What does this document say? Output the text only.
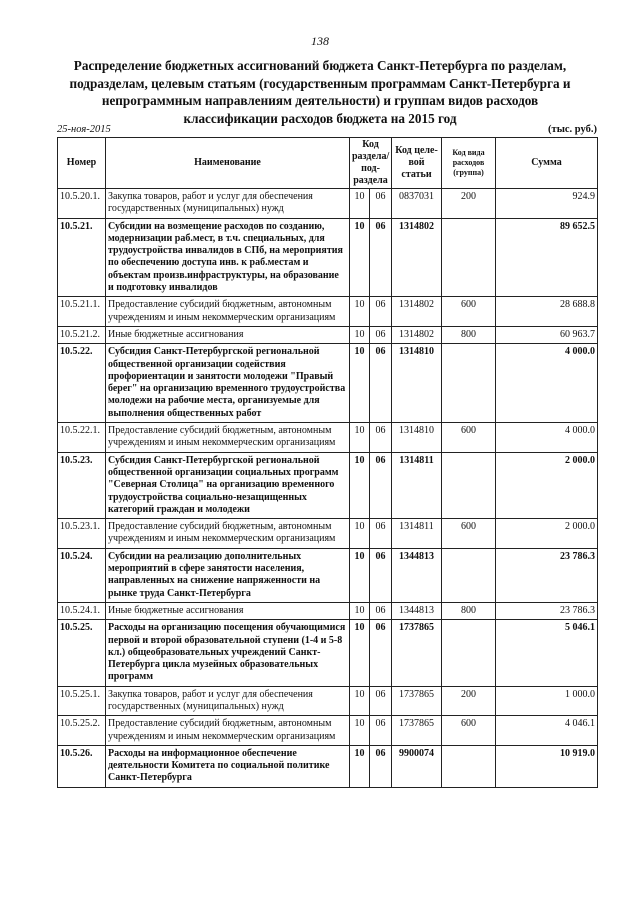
138
Распределение бюджетных ассигнований бюджета Санкт-Петербурга по разделам, подразделам, целевым статьям (государственным программам Санкт-Петербурга и непрограммным направлениям деятельности) и группам видов расходов классификации расходов бюджета на 2015 год
25-ноя-2015	(тыс. руб.)
Номер	Наименование	Код раздела/ под- раздела		Код целе- вой статьи	Код вида расходов (группа)	Сумма
10.5.20.1.	Закупка товаров, работ и услуг для обеспечения государственных (муниципальных) нужд	10	06	0837031	200	924.9
10.5.21.	Субсидии на возмещение расходов по созданию, модернизации раб.мест, в т.ч. специальных, для трудоустройства инвалидов в СПб, на мероприятия по обеспечению доступа инв. к раб.местам и объектам произв.инфраструктуры, на образование и подготовку инвалидов	10	06	1314802		89 652.5
10.5.21.1.	Предоставление субсидий бюджетным, автономным учреждениям и иным некоммерческим организациям	10	06	1314802	600	28 688.8
10.5.21.2.	Иные бюджетные ассигнования	10	06	1314802	800	60 963.7
10.5.22.	Субсидия Санкт-Петербургской региональной общественной организации содействия профориентации и занятости молодежи "Правый берег" на организацию временного трудоустройства молодежи на рабочие места, организуемые для выполнения общественных работ	10	06	1314810		4 000.0
10.5.22.1.	Предоставление субсидий бюджетным, автономным учреждениям и иным некоммерческим организациям	10	06	1314810	600	4 000.0
10.5.23.	Субсидия Санкт-Петербургской региональной общественной организации социальных программ "Северная Столица" на организацию временного трудоустройства социально-незащищенных категорий граждан и молодежи	10	06	1314811		2 000.0
10.5.23.1.	Предоставление субсидий бюджетным, автономным учреждениям и иным некоммерческим организациям	10	06	1314811	600	2 000.0
10.5.24.	Субсидии на реализацию дополнительных мероприятий в сфере занятости населения, направленных на снижение напряженности на рынке труда Санкт-Петербурга	10	06	1344813		23 786.3
10.5.24.1.	Иные бюджетные ассигнования	10	06	1344813	800	23 786.3
10.5.25.	Расходы на организацию посещения обучающимися первой и второй образовательной ступени (1-4 и 5-8 кл.) общеобразовательных учреждений Санкт-Петербурга цикла музейных образовательных программ	10	06	1737865		5 046.1
10.5.25.1.	Закупка товаров, работ и услуг для обеспечения государственных (муниципальных) нужд	10	06	1737865	200	1 000.0
10.5.25.2.	Предоставление субсидий бюджетным, автономным учреждениям и иным некоммерческим организациям	10	06	1737865	600	4 046.1
10.5.26.	Расходы на информационное обеспечение деятельности Комитета по социальной политике Санкт-Петербурга	10	06	9900074		10 919.0
